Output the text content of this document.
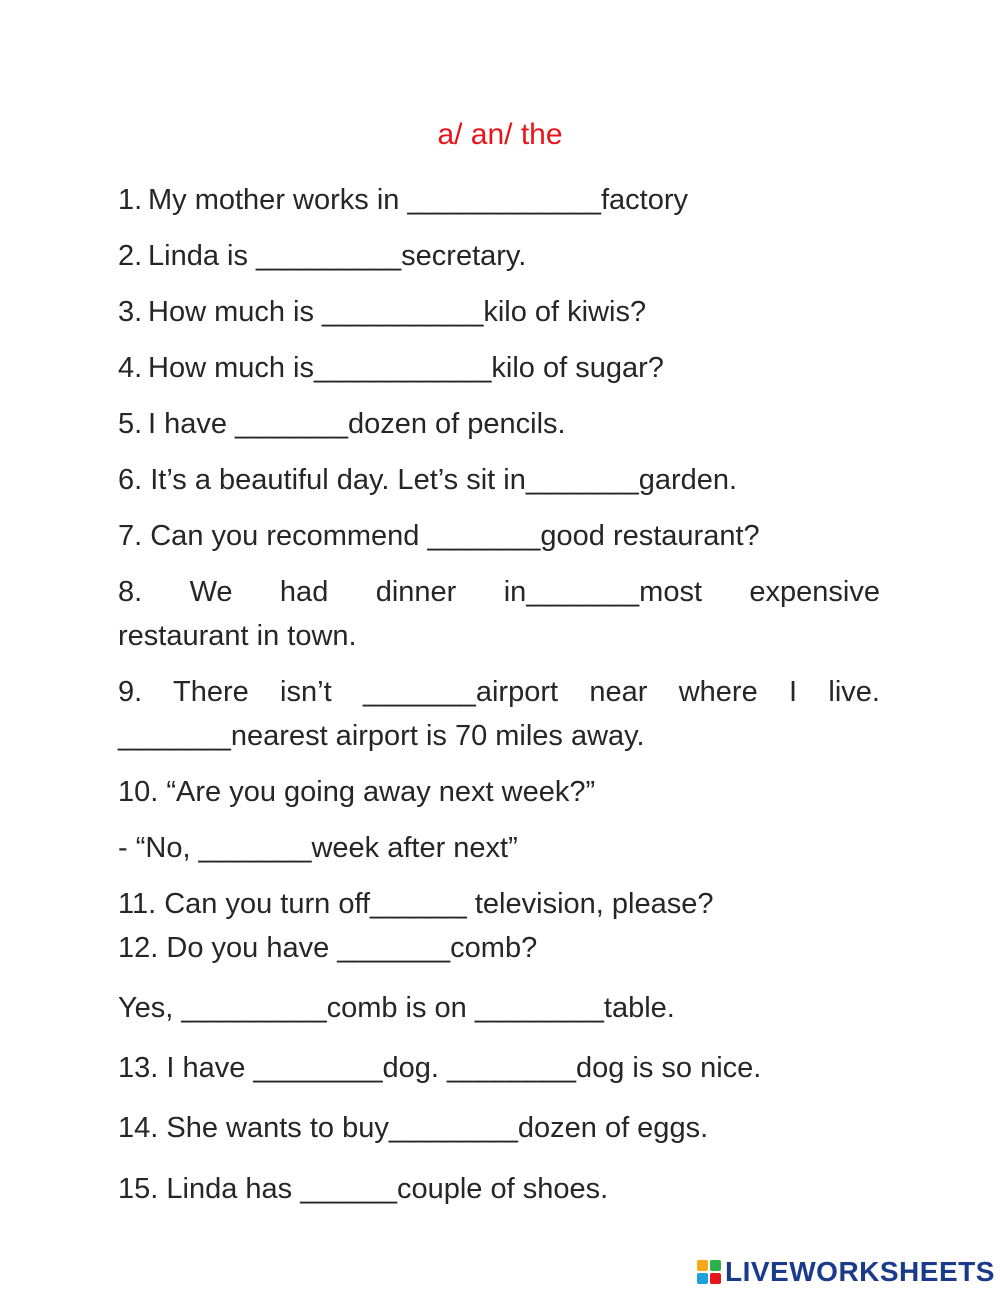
a/ an/ the
1. My mother works in ____________factory
2. Linda is _________secretary.
3. How much is __________kilo of kiwis?
4. How much is___________kilo of sugar?
5. I have _______dozen of pencils.
6. It’s a beautiful day. Let’s sit in_______garden.
7. Can you recommend _______good restaurant?
8. We had dinner in_______most expensive
restaurant in town.
9. There isn’t _______airport near where I live.
_______nearest airport is 70 miles away.
10. “Are you going away next week?”
- “No, _______week after next”
11. Can you turn off______ television, please?
12. Do you have _______comb?
Yes, _________comb is on ________table.
13. I have ________dog. ________dog is so nice.
14. She wants to buy________dozen of eggs.
15. Linda has ______couple of shoes.
LIVEWORKSHEETS
